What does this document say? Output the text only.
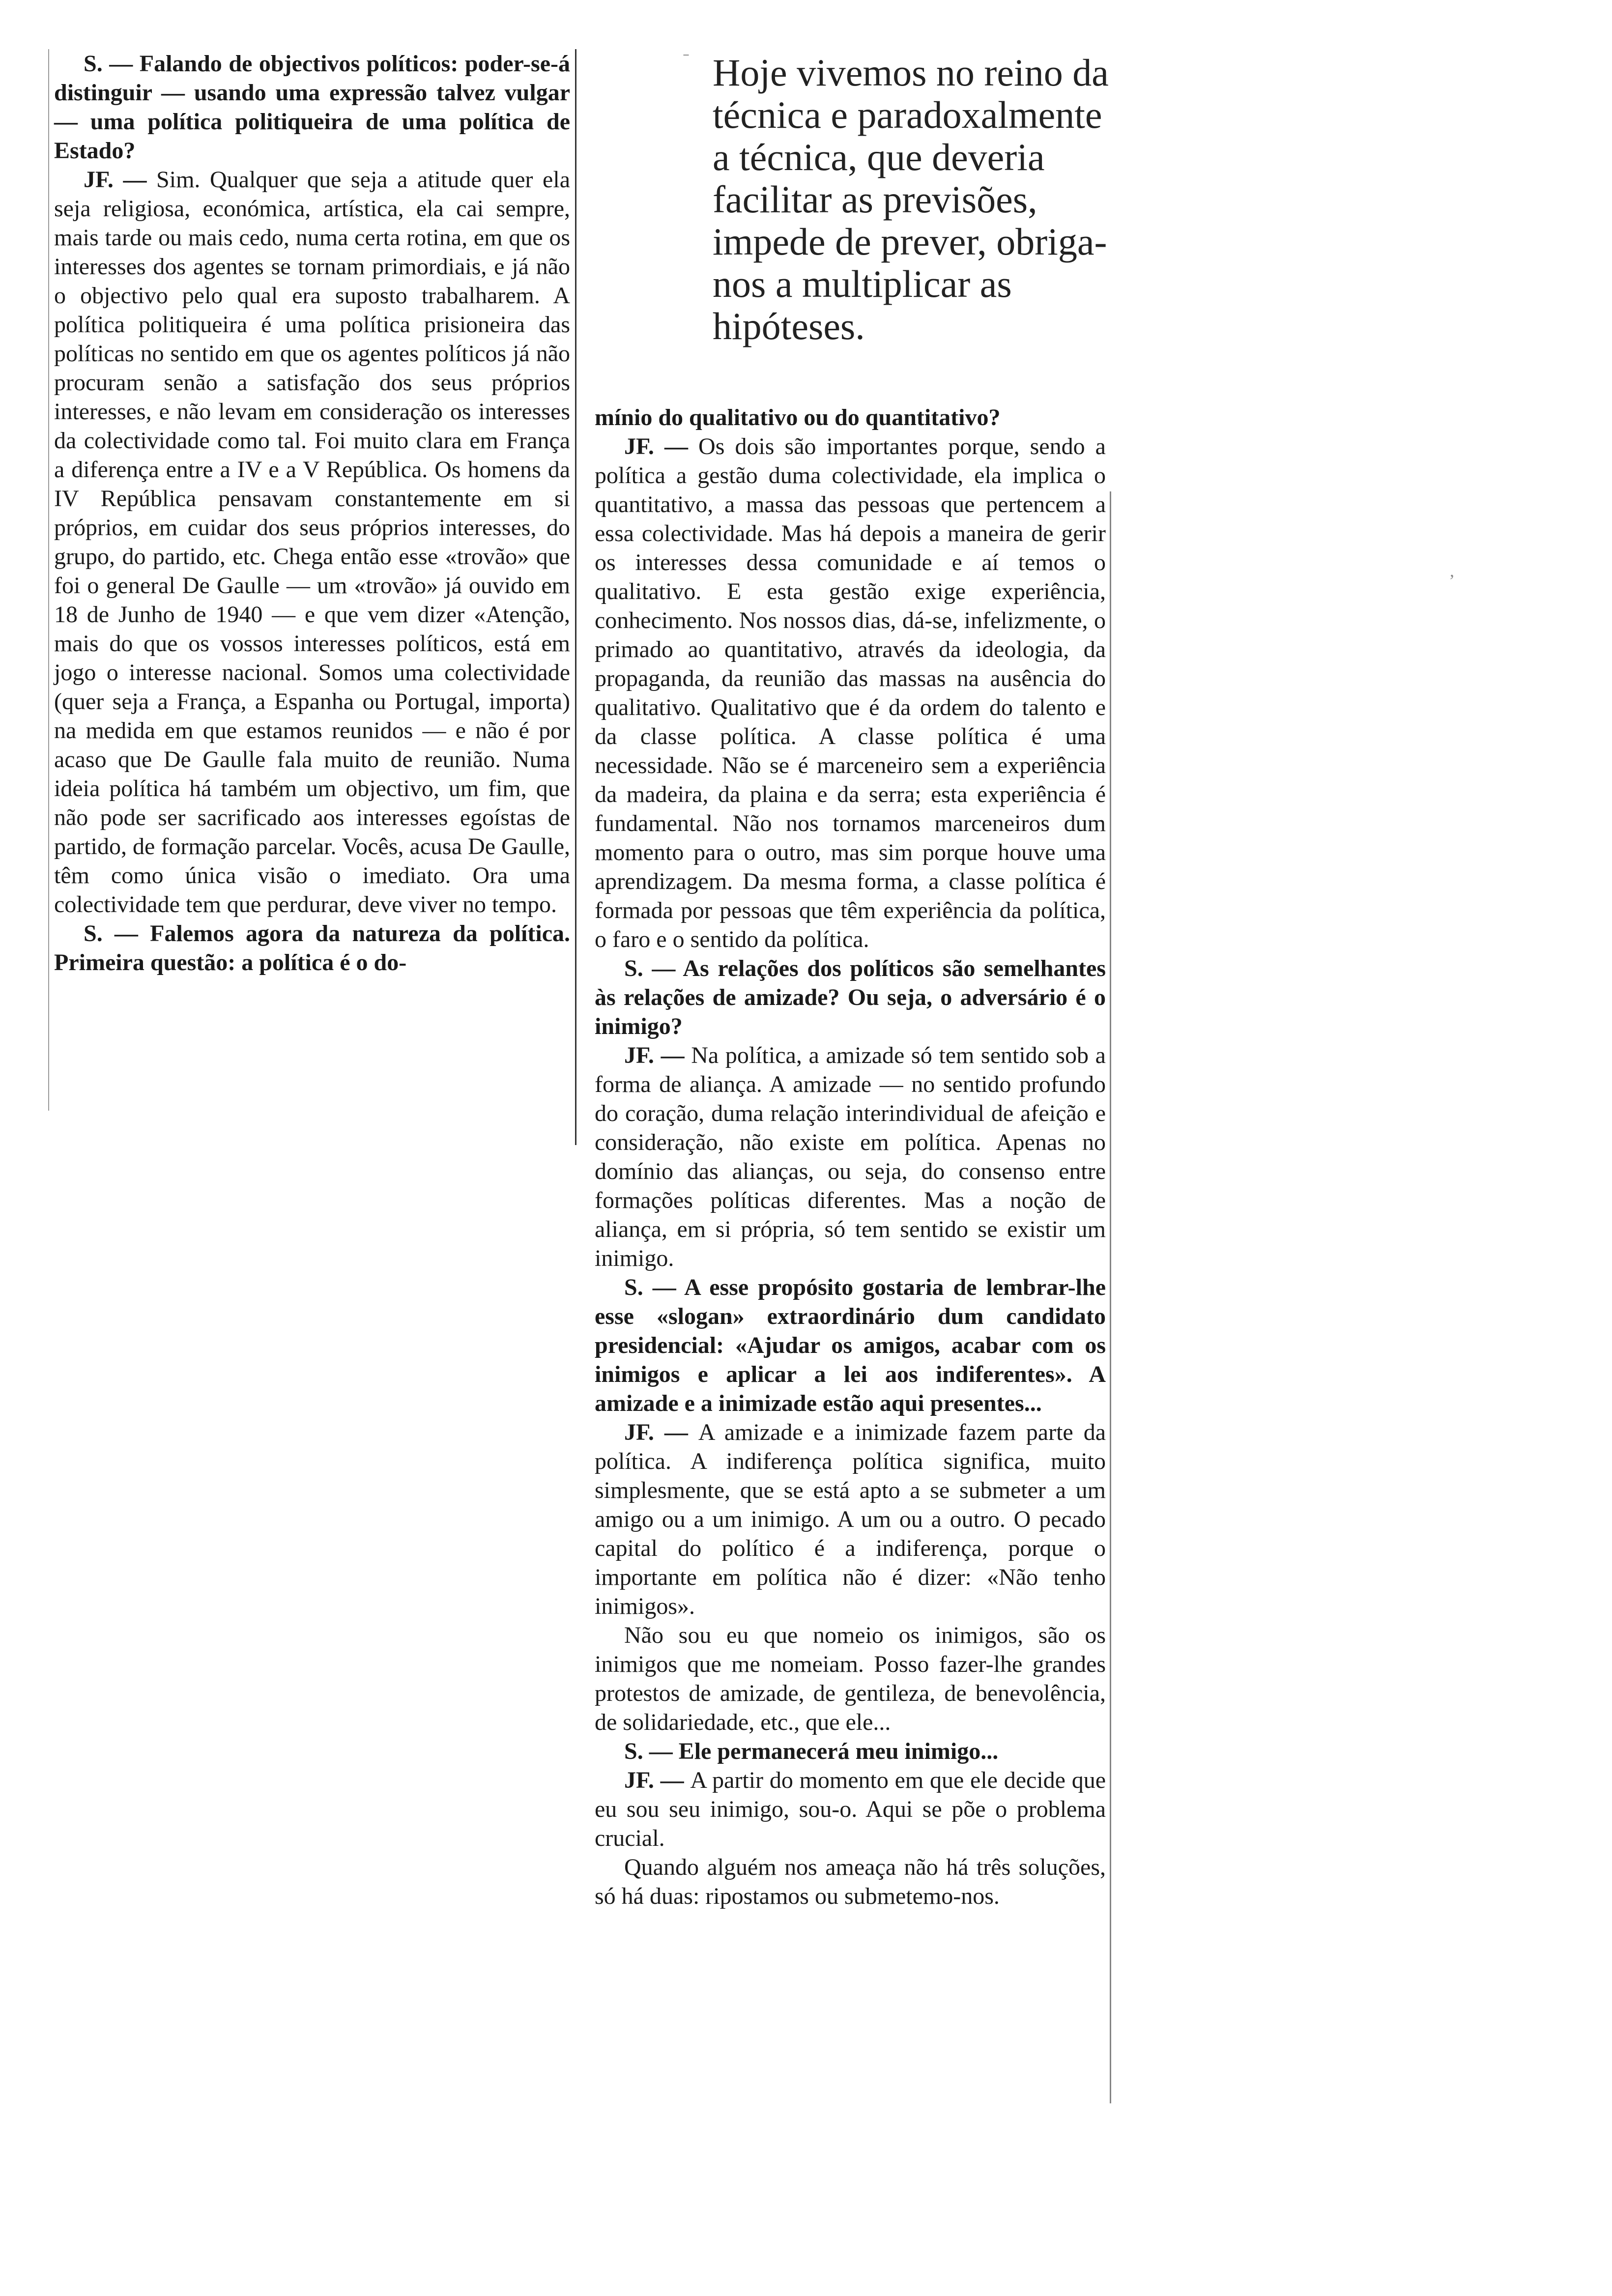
Hoje vivemos no reino da técnica e paradoxalmente a técnica, que deveria facilitar as previsões, impede de prever, obriga-nos a multiplicar as hipóteses.

S. — Falando de objectivos políticos: poder-se-á distinguir — usando uma expressão talvez vulgar — uma política politiqueira de uma política de Estado?

JF. — Sim. Qualquer que seja a atitude quer ela seja religiosa, económica, artística, ela cai sempre, mais tarde ou mais cedo, numa certa rotina, em que os interesses dos agentes se tornam primordiais, e já não o objectivo pelo qual era suposto trabalharem. A política politiqueira é uma política prisioneira das políticas no sentido em que os agentes políticos já não procuram senão a satisfação dos seus próprios interesses, e não levam em consideração os interesses da colectividade como tal. Foi muito clara em França a diferença entre a IV e a V República. Os homens da IV República pensavam constantemente em si próprios, em cuidar dos seus próprios interesses, do grupo, do partido, etc. Chega então esse «trovão» que foi o general De Gaulle — um «trovão» já ouvido em 18 de Junho de 1940 — e que vem dizer «Atenção, mais do que os vossos interesses políticos, está em jogo o interesse nacional. Somos uma colectividade (quer seja a França, a Espanha ou Portugal, importa) na medida em que estamos reunidos — e não é por acaso que De Gaulle fala muito de reunião. Numa ideia política há também um objectivo, um fim, que não pode ser sacrificado aos interesses egoístas de partido, de formação parcelar. Vocês, acusa De Gaulle, têm como única visão o imediato. Ora uma colectividade tem que perdurar, deve viver no tempo.

S. — Falemos agora da natureza da política. Primeira questão: a política é o do-

mínio do qualitativo ou do quantitativo?

JF. — Os dois são importantes porque, sendo a política a gestão duma colectividade, ela implica o quantitativo, a massa das pessoas que pertencem a essa colectividade. Mas há depois a maneira de gerir os interesses dessa comunidade e aí temos o qualitativo. E esta gestão exige experiência, conhecimento. Nos nossos dias, dá-se, infelizmente, o primado ao quantitativo, através da ideologia, da propaganda, da reunião das massas na ausência do qualitativo. Qualitativo que é da ordem do talento e da classe política. A classe política é uma necessidade. Não se é marceneiro sem a experiência da madeira, da plaina e da serra; esta experiência é fundamental. Não nos tornamos marceneiros dum momento para o outro, mas sim porque houve uma aprendizagem. Da mesma forma, a classe política é formada por pessoas que têm experiência da política, o faro e o sentido da política.

S. — As relações dos políticos são semelhantes às relações de amizade? Ou seja, o adversário é o inimigo?

JF. — Na política, a amizade só tem sentido sob a forma de aliança. A amizade — no sentido profundo do coração, duma relação interindividual de afeição e consideração, não existe em política. Apenas no domínio das alianças, ou seja, do consenso entre formações políticas diferentes. Mas a noção de aliança, em si própria, só tem sentido se existir um inimigo.

S. — A esse propósito gostaria de lembrar-lhe esse «slogan» extraordinário dum candidato presidencial: «Ajudar os amigos, acabar com os inimigos e aplicar a lei aos indiferentes». A amizade e a inimizade estão aqui presentes...

JF. — A amizade e a inimizade fazem parte da política. A indiferença política significa, muito simplesmente, que se está apto a se submeter a um amigo ou a um inimigo. A um ou a outro. O pecado capital do político é a indiferença, porque o importante em política não é dizer: «Não tenho inimigos».

Não sou eu que nomeio os inimigos, são os inimigos que me nomeiam. Posso fazer-lhe grandes protestos de amizade, de gentileza, de benevolência, de solidariedade, etc., que ele...

S. — Ele permanecerá meu inimigo...

JF. — A partir do momento em que ele decide que eu sou seu inimigo, sou-o. Aqui se põe o problema crucial.

Quando alguém nos ameaça não há três soluções, só há duas: ripostamos ou submetemo-nos.

ˉ
,
